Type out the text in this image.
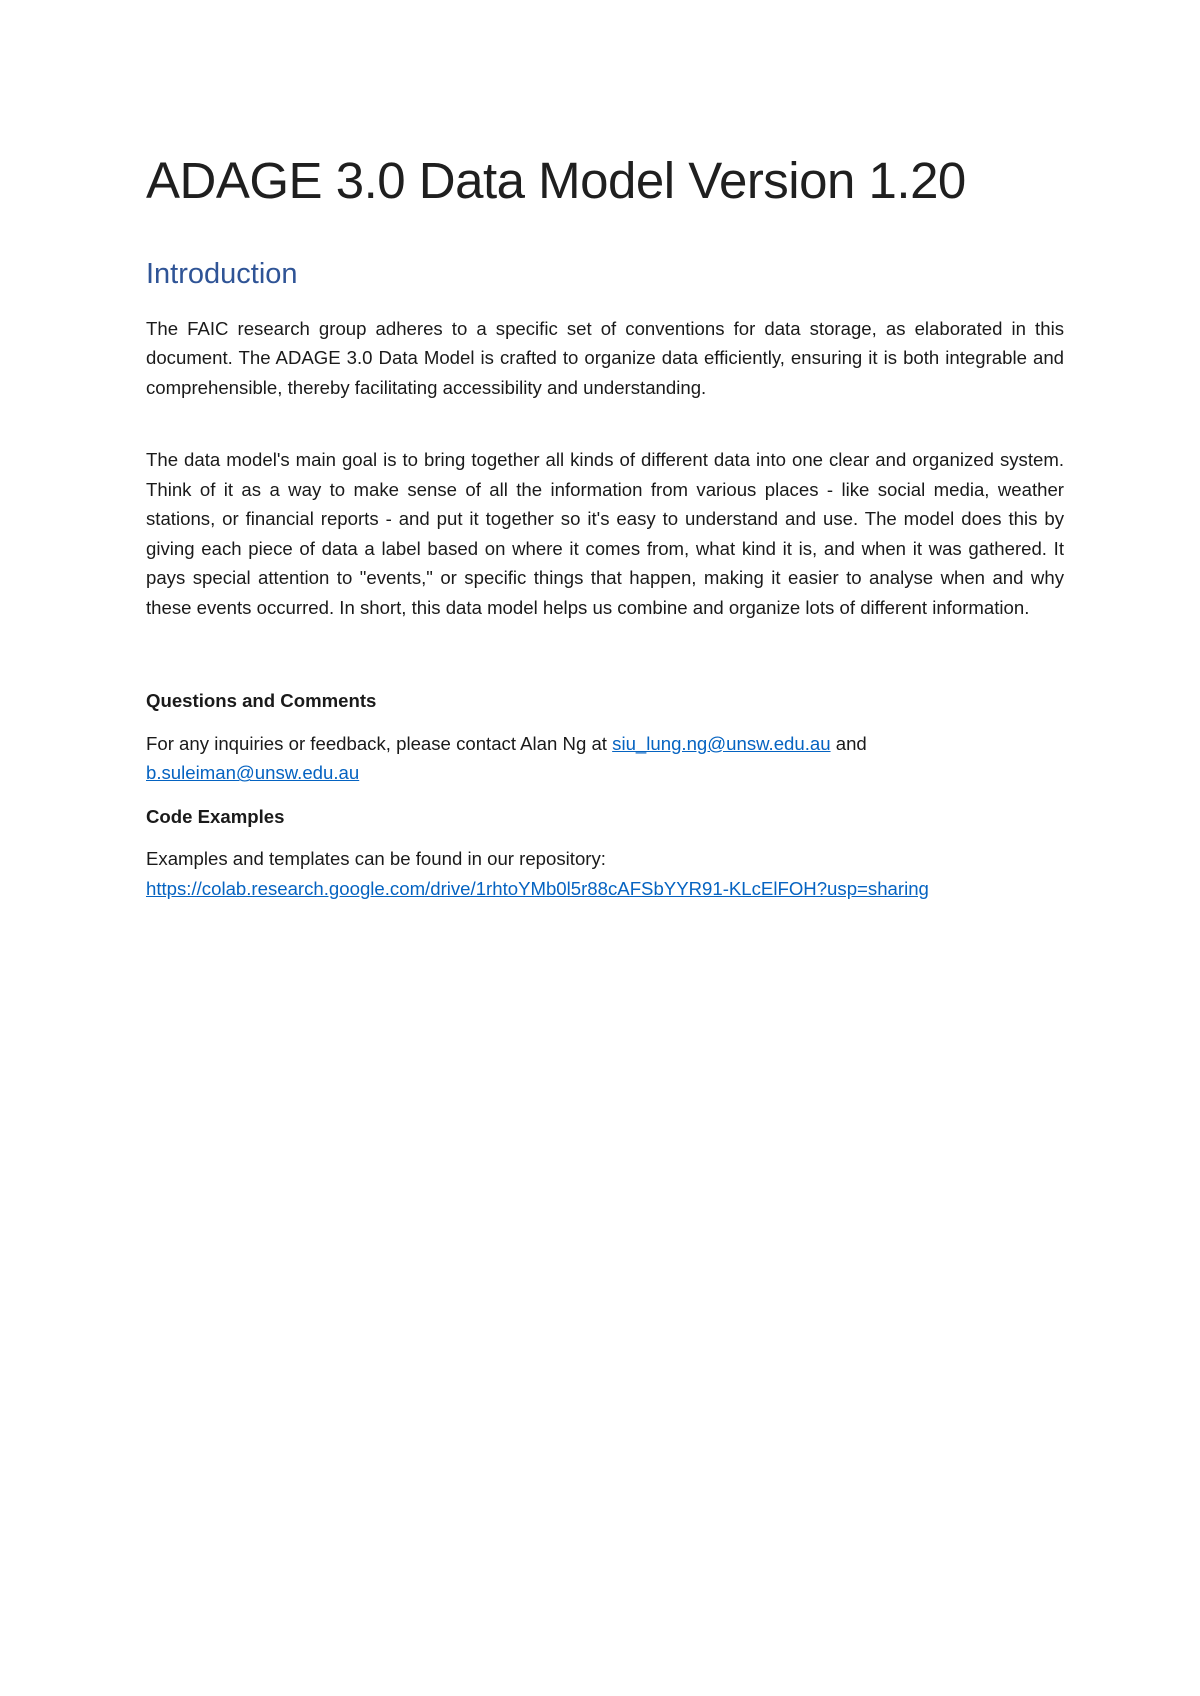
ADAGE 3.0 Data Model Version 1.20
Introduction

The FAIC research group adheres to a specific set of conventions for data storage, as elaborated in this document. The ADAGE 3.0 Data Model is crafted to organize data efficiently, ensuring it is both integrable and comprehensible, thereby facilitating accessibility and understanding.

The data model's main goal is to bring together all kinds of different data into one clear and organized system. Think of it as a way to make sense of all the information from various places - like social media, weather stations, or financial reports - and put it together so it's easy to understand and use. The model does this by giving each piece of data a label based on where it comes from, what kind it is, and when it was gathered. It pays special attention to "events," or specific things that happen, making it easier to analyse when and why these events occurred. In short, this data model helps us combine and organize lots of different information.

Questions and Comments

For any inquiries or feedback, please contact Alan Ng at siu_lung.ng@unsw.edu.au and
b.suleiman@unsw.edu.au

Code Examples

Examples and templates can be found in our repository:
https://colab.research.google.com/drive/1rhtoYMb0l5r88cAFSbYYR91-KLcElFOH?usp=sharing
